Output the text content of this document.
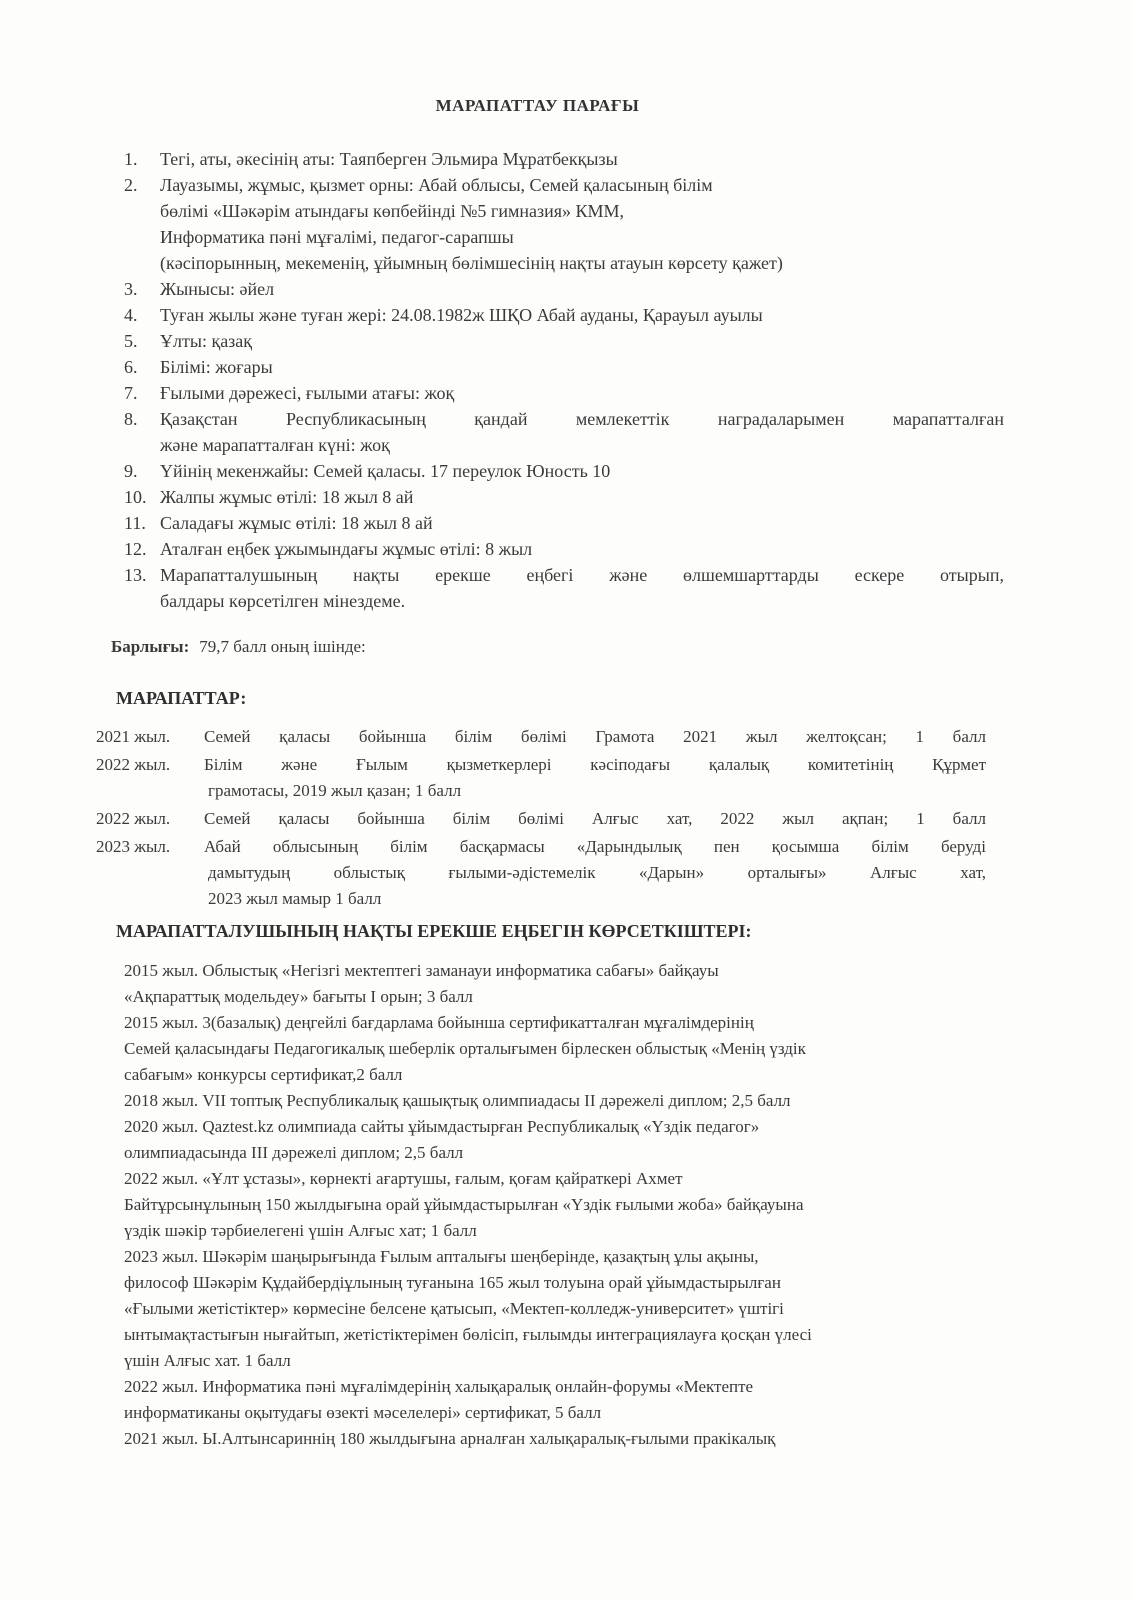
МАРАПАТТАУ ПАРАҒЫ
1.	Тегі, аты, әкесінің аты: Таяпберген Эльмира Мұратбекқызы
2.	Лауазымы, жұмыс, қызмет орны: Абай облысы, Семей қаласының білім
бөлімі «Шәкәрім атындағы көпбейінді №5 гимназия» КММ,
Информатика пәні мұғалімі, педагог-сарапшы
(кәсіпорынның, мекеменің, ұйымның бөлімшесінің нақты атауын көрсету қажет)
3.	Жынысы: әйел
4.	Туған жылы және туған жері: 24.08.1982ж ШҚО Абай ауданы, Қарауыл ауылы
5.	Ұлты: қазақ
6.	Білімі: жоғары
7.	Ғылыми дәрежесі, ғылыми атағы: жоқ
8.	Қазақстан Республикасының қандай мемлекеттік наградаларымен марапатталған
және марапатталған күні: жоқ
9.	Үйінің мекенжайы: Семей қаласы. 17 переулок Юность 10
10. Жалпы жұмыс өтілі: 18 жыл 8 ай
11. Саладағы жұмыс өтілі: 18 жыл 8 ай
12. Аталған еңбек ұжымындағы жұмыс өтілі: 8 жыл
13. Марапатталушының нақты ерекше еңбегі және өлшемшарттарды ескере отырып,
балдары көрсетілген мінездеме.
Барлығы: 79,7 балл оның ішінде:
МАРАПАТТАР:
2021 жыл.	Семей қаласы бойынша білім бөлімі Грамота 2021 жыл желтоқсан; 1 балл
2022 жыл.	Білім және Ғылым қызметкерлері кәсіподағы қалалық комитетінің Құрмет
грамотасы, 2019 жыл қазан; 1 балл
2022 жыл.	Семей қаласы бойынша білім бөлімі Алғыс хат, 2022 жыл ақпан; 1 балл
2023 жыл.	Абай облысының білім басқармасы «Дарындылық пен қосымша білім беруді
дамытудың облыстық ғылыми-әдістемелік «Дарын» орталығы» Алғыс хат,
2023 жыл мамыр 1 балл
МАРАПАТТАЛУШЫНЫҢ НАҚТЫ ЕРЕКШЕ ЕҢБЕГІН КӨРСЕТКІШТЕРІ:
2015 жыл. Облыстық «Негізгі мектептегі заманауи информатика сабағы» байқауы
«Ақпараттық модельдеу» бағыты І орын; 3 балл
2015 жыл. 3(базалық) деңгейлі бағдарлама бойынша сертификатталған мұғалімдерінің
Семей қаласындағы Педагогикалық шеберлік орталығымен бірлескен облыстық «Менің үздік
сабағым» конкурсы сертификат,2 балл
2018 жыл. VІІ топтық Республикалық қашықтық олимпиадасы ІІ дәрежелі диплом; 2,5 балл
2020 жыл. Qaztest.kz олимпиада сайты ұйымдастырған Республикалық «Үздік педагог»
олимпиадасында ІІІ дәрежелі диплом; 2,5 балл
2022 жыл. «Ұлт ұстазы», көрнекті ағартушы, ғалым, қоғам қайраткері Ахмет
Байтұрсынұлының 150 жылдығына орай ұйымдастырылған «Үздік ғылыми жоба» байқауына
үздік шәкір тәрбиелегені үшін Алғыс хат; 1 балл
2023 жыл. Шәкәрім шаңырығында Ғылым апталығы шеңберінде, қазақтың ұлы ақыны,
философ Шәкәрім Құдайбердіұлының туғанына 165 жыл толуына орай ұйымдастырылған
«Ғылыми жетістіктер» көрмесіне белсене қатысып, «Мектеп-колледж-университет» үштігі
ынтымақтастығын нығайтып, жетістіктерімен бөлісіп, ғылымды интеграциялауға қосқан үлесі
үшін Алғыс хат. 1 балл
2022 жыл. Информатика пәні мұғалімдерінің халықаралық онлайн-форумы «Мектепте
информатиканы оқытудағы өзекті мәселелері» сертификат, 5 балл
2021 жыл. Ы.Алтынсариннің 180 жылдығына арналған халықаралық-ғылыми пракікалық
